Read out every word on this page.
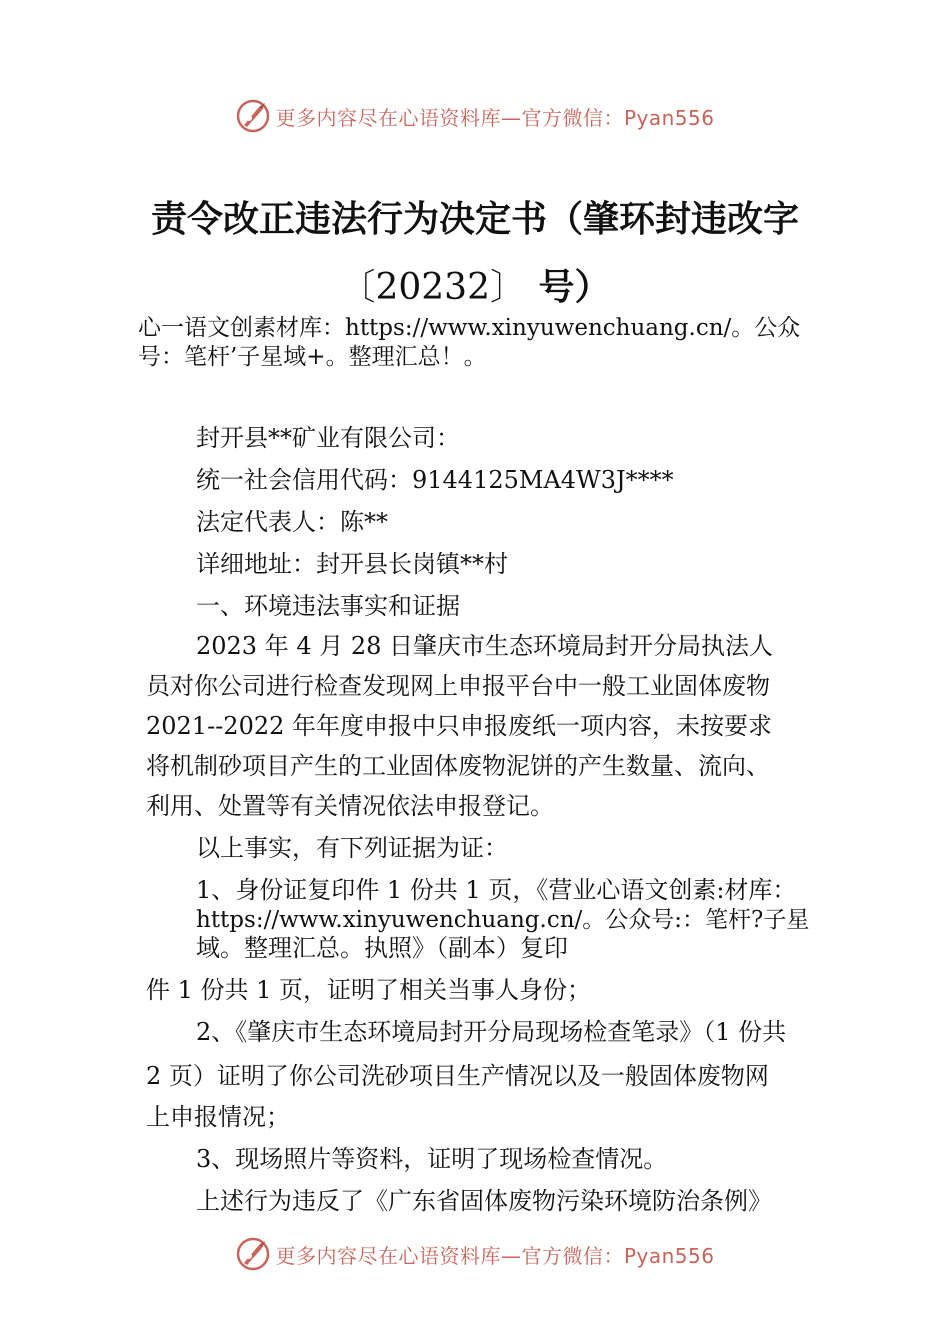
更多内容尽在心语资料库—官方微信：Pyan556
责令改正违法行为决定书（肇环封违改字
〔20232〕 号）
心一语文创素材库：https://www.xinyuwenchuang.cn/。公众
号：笔杆’子星域+。整理汇总！。
封开县**矿业有限公司：
统一社会信用代码：9144125MA4W3J****
法定代表人：陈**
详细地址：封开县长岗镇**村
一、环境违法事实和证据
2023 年 4 月 28 日肇庆市生态环境局封开分局执法人
员对你公司进行检查发现网上申报平台中一般工业固体废物
2021--2022 年年度申报中只申报废纸一项内容，未按要求
将机制砂项目产生的工业固体废物泥饼的产生数量、流向、
利用、处置等有关情况依法申报登记。
以上事实，有下列证据为证：
1、身份证复印件 1 份共 1 页，《营业心语文创素:材库：
https://www.xinyuwenchuang.cn/。公众号:：笔杆?子星
域。整理汇总。执照》（副本）复印
件 1 份共 1 页，证明了相关当事人身份；
2、《肇庆市生态环境局封开分局现场检查笔录》（1 份共
2 页）证明了你公司洗砂项目生产情况以及一般固体废物网
上申报情况；
3、现场照片等资料，证明了现场检查情况。
上述行为违反了《广东省固体废物污染环境防治条例》
更多内容尽在心语资料库—官方微信：Pyan556
